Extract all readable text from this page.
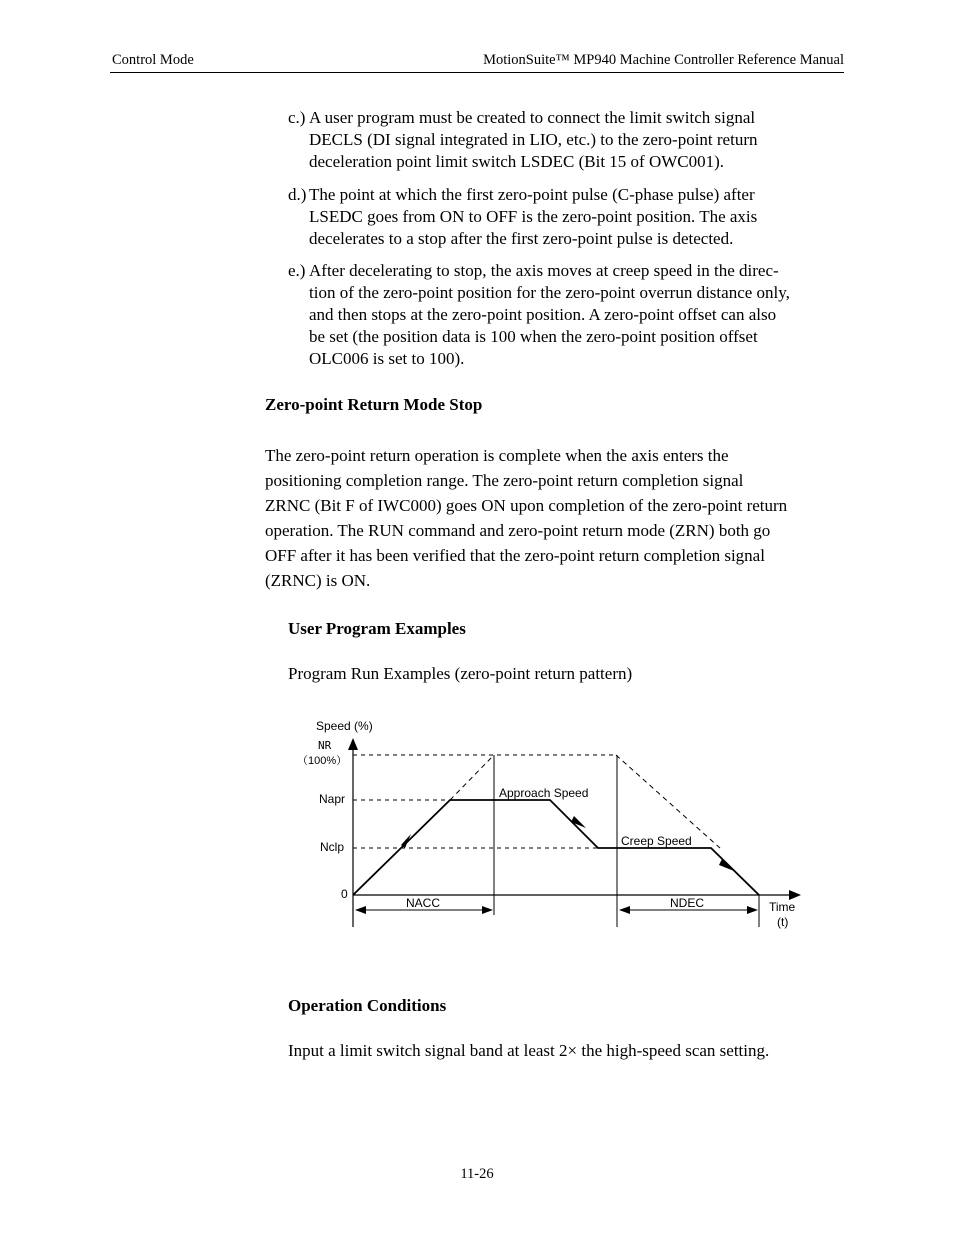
Control Mode	MotionSuite™ MP940 Machine Controller Reference Manual
c.) A user program must be created to connect the limit switch signal
DECLS (DI signal integrated in LIO, etc.) to the zero-point return
deceleration point limit switch LSDEC (Bit 15 of OWC001).
d.) The point at which the first zero-point pulse (C-phase pulse) after
LSEDC goes from ON to OFF is the zero-point position. The axis
decelerates to a stop after the first zero-point pulse is detected.
e.) After decelerating to stop, the axis moves at creep speed in the direc-
tion of the zero-point position for the zero-point overrun distance only,
and then stops at the zero-point position. A zero-point offset can also
be set (the position data is 100 when the zero-point position offset
OLC006 is set to 100).
Zero-point Return Mode Stop
The zero-point return operation is complete when the axis enters the
positioning completion range. The zero-point return completion signal
ZRNC (Bit F of IWC000) goes ON upon completion of the zero-point return
operation. The RUN command and zero-point return mode (ZRN) both go
OFF after it has been verified that the zero-point return completion signal
(ZRNC) is ON.
User Program Examples
Program Run Examples (zero-point return pattern)
Speed (%)
NR
（100%）
Napr
Nclp
0
Approach Speed
Creep Speed
NACC	NDEC	Time
(t)
Operation Conditions
Input a limit switch signal band at least 2× the high-speed scan setting.
11-26
